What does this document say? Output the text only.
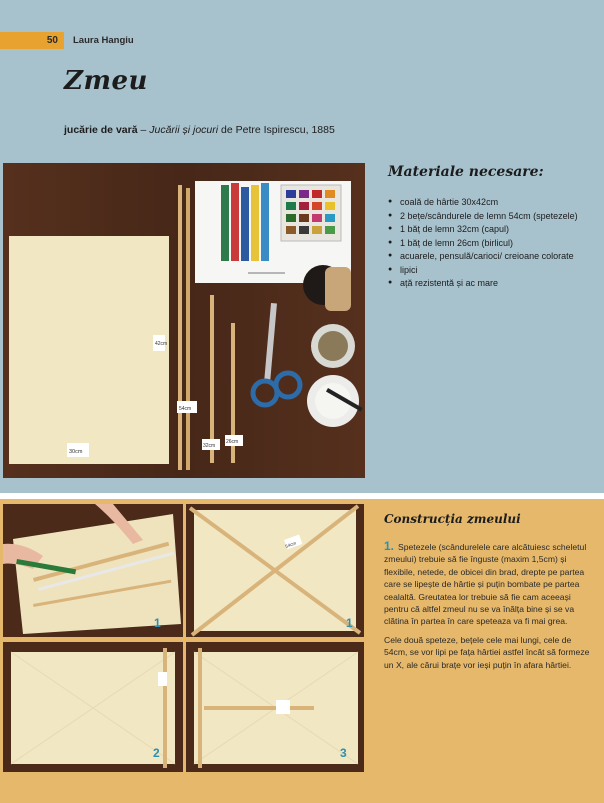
50	Laura Hangiu
Zmeu
jucărie de vară – Jucării și jocuri de Petre Ispirescu, 1885
42cm
30cm
54cm
32cm
26cm
Materiale necesare:
● coală de hârtie 30x42cm
● 2 bețe/scândurele de lemn 54cm (spetezele)
● 1 băț de lemn 32cm (capul)
● 1 băț de lemn 26cm (birlicul)
● acuarele, pensulă/carioci/ creioane colorate
● lipici
● ață rezistentă și ac mare
1
54cm
1
2	3
Construcția zmeului

1. Spetezele (scândurelele care alcătuiesc scheletul zmeului) trebuie să fie înguste (maxim 1,5cm) și flexibile, netede, de obicei din brad, drepte pe partea care se lipește de hârtie și puțin bombate pe partea cealaltă. Greutatea lor trebuie să fie cam aceeași pentru că altfel zmeul nu se va înălța bine și se va clătina în partea în care speteaza va fi mai grea.

Cele două speteze, bețele cele mai lungi, cele de 54cm, se vor lipi pe fața hârtiei astfel încât să formeze un X, ale cărui brațe vor ieși puțin în afara hârtiei.
